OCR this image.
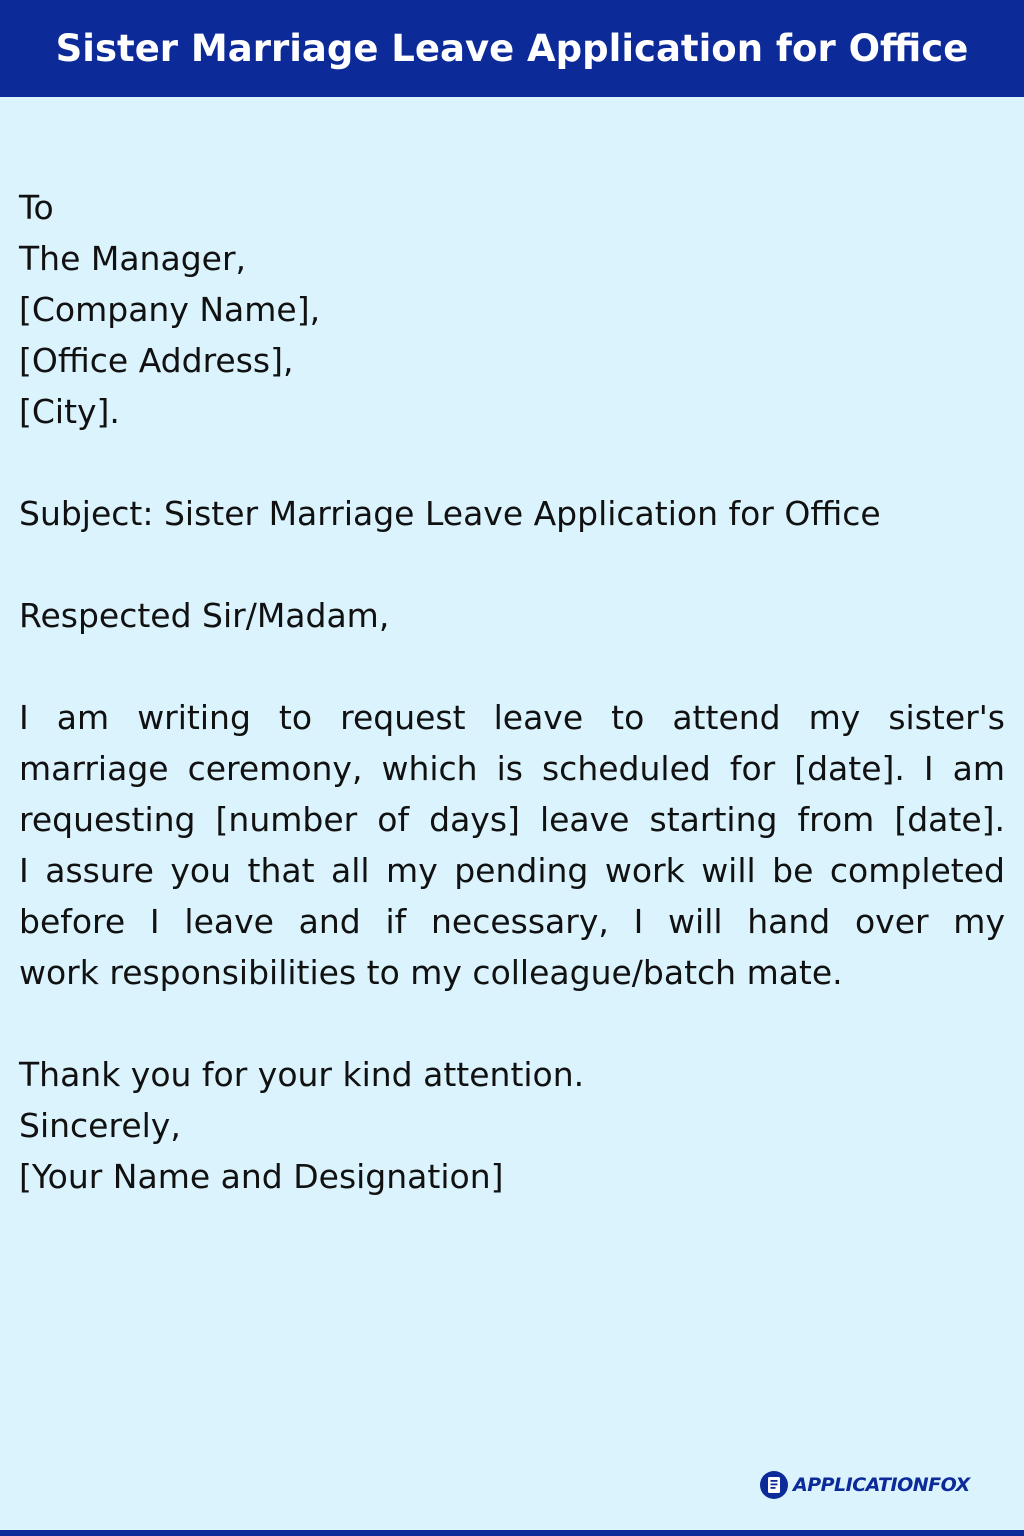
Sister Marriage Leave Application for Office
To
The Manager,
[Company Name],
[Office Address],
[City].
Subject: Sister Marriage Leave Application for Office
Respected Sir/Madam,
I am writing to request leave to attend my sister's
marriage ceremony, which is scheduled for [date]. I am
requesting [number of days] leave starting from [date].
I assure you that all my pending work will be completed
before I leave and if necessary, I will hand over my
work responsibilities to my colleague/batch mate.
Thank you for your kind attention.
Sincerely,
[Your Name and Designation]
APPLICATIONFOX
